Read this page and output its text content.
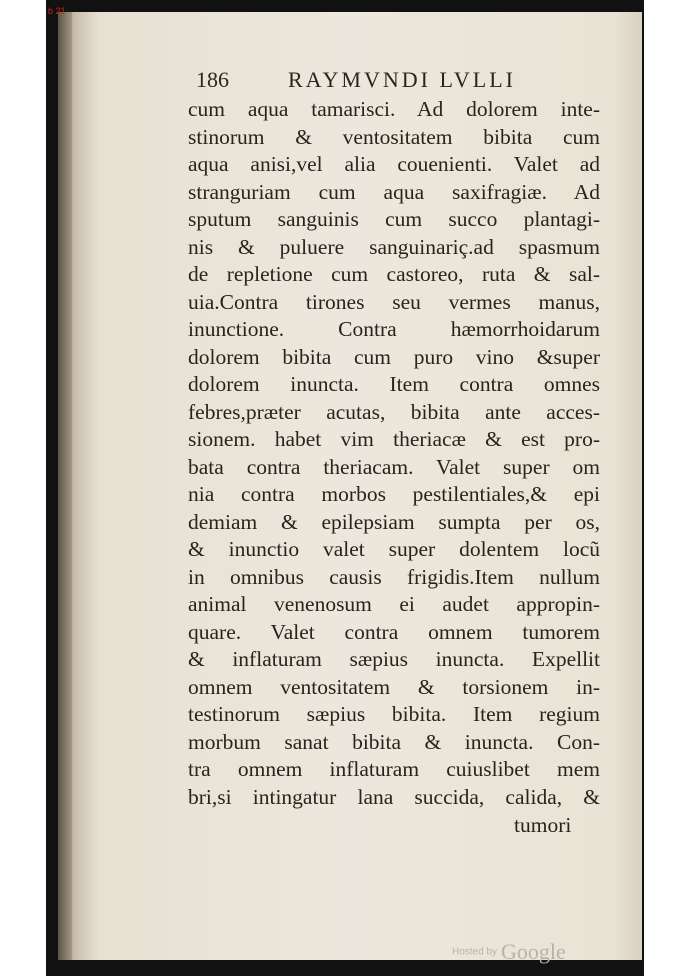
b 21
186	RAYMVNDI LVLLI
cum aqua tamarisci. Ad dolorem inte-
stinorum & ventositatem bibita cum
aqua anisi,vel alia couenienti. Valet ad
stranguriam cum aqua saxifragiæ. Ad
sputum sanguinis cum succo plantagi-
nis & puluere sanguinariç.ad spasmum
de repletione cum castoreo, ruta & sal-
uia.Contra tirones seu vermes manus,
inunctione. Contra hæmorrhoidarum
dolorem bibita cum puro vino &super
dolorem inuncta. Item contra omnes
febres,præter acutas, bibita ante acces-
sionem. habet vim theriacæ & est pro-
bata contra theriacam. Valet super om
nia contra morbos pestilentiales,& epi
demiam & epilepsiam sumpta per os,
& inunctio valet super dolentem locũ
in omnibus causis frigidis.Item nullum
animal venenosum ei audet appropin-
quare. Valet contra omnem tumorem
& inflaturam sæpius inuncta. Expellit
omnem ventositatem & torsionem in-
testinorum sæpius bibita. Item regium
morbum sanat bibita & inuncta. Con-
tra omnem inflaturam cuiuslibet mem
bri,si intingatur lana succida, calida, &
tumori
Hosted by Google
